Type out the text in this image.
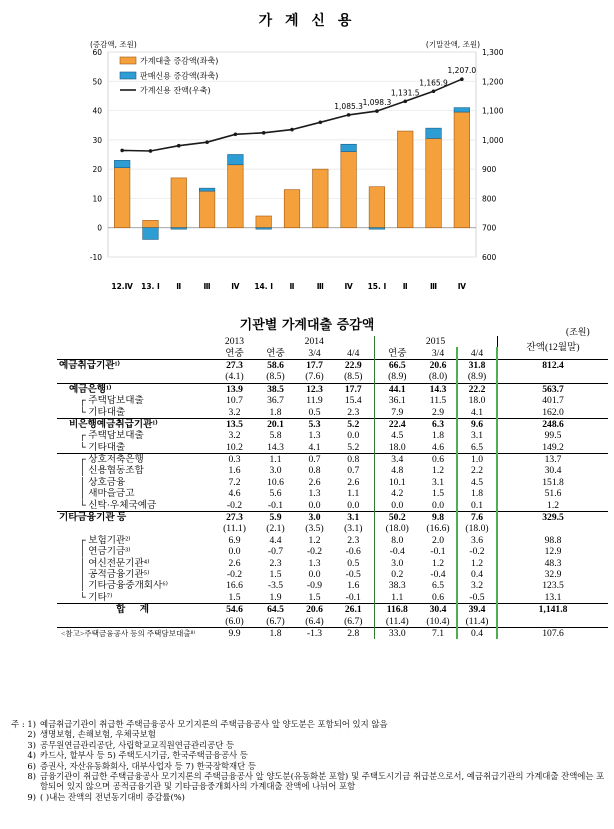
가 계 신 용
1,085.3 1,098.3
1,131.5
1,165.9
1,207.0
60
50
40
30
20
10
0
-10
1,300
1,200
1,100
1,000
900
800
700
600
12.Ⅳ 13. Ⅰ Ⅱ	Ⅲ	Ⅳ 14. Ⅰ Ⅱ	Ⅲ	Ⅳ 15. Ⅰ Ⅱ	Ⅲ	Ⅳ
(증감액, 조원)	(기말잔액, 조원)
가계대출 증감액(좌축)
판매신용 증감액(좌축)
가계신용 잔액(우축)
기관별 가계대출 증감액	(조원)
	2013	2014			2015			잔액(12월말)
	연중	연중	3/4	4/4	연중	3/4	4/4	
예금취급기관¹⁾	27.3	58.6	17.7	22.9	66.5	20.6	31.8	812.4
	(4.1)	(8.5)	(7.6)	(8.5)	(8.9)	(8.0)	(8.9)	
예금은행¹⁾	13.9	38.5	12.3	17.7	44.1	14.3	22.2	563.7
┌ 주택담보대출	10.7	36.7	11.9	15.4	36.1	11.5	18.0	401.7
└ 기타대출	3.2	1.8	0.5	2.3	7.9	2.9	4.1	162.0
비은행예금취급기관¹⁾	13.5	20.1	5.3	5.2	22.4	6.3	9.6	248.6
┌ 주택담보대출	3.2	5.8	1.3	0.0	4.5	1.8	3.1	99.5
└ 기타대출	10.2	14.3	4.1	5.2	18.0	4.6	6.5	149.2
┌ 상호저축은행	0.3	1.1	0.7	0.8	3.4	0.6	1.0	13.7
│ 신용협동조합	1.6	3.0	0.8	0.7	4.8	1.2	2.2	30.4
│ 상호금융	7.2	10.6	2.6	2.6	10.1	3.1	4.5	151.8
│ 새마을금고	4.6	5.6	1.3	1.1	4.2	1.5	1.8	51.6
└ 신탁·우체국예금	-0.2	-0.1	0.0	0.0	0.0	0.0	0.1	1.2
기타금융기관 등	27.3	5.9	3.0	3.1	50.2	9.8	7.6	329.5
	(11.1)	(2.1)	(3.5)	(3.1)	(18.0)	(16.6)	(18.0)	
┌ 보험기관²⁾	6.9	4.4	1.2	2.3	8.0	2.0	3.6	98.8
│ 연금기금³⁾	0.0	-0.7	-0.2	-0.6	-0.4	-0.1	-0.2	12.9
│ 여신전문기관⁴⁾	2.6	2.3	1.3	0.5	3.0	1.2	1.2	48.3
│ 공적금융기관⁵⁾	-0.2	1.5	0.0	-0.5	0.2	-0.4	0.4	32.9
│ 기타금융중개회사⁶⁾	16.6	-3.5	-0.9	1.6	38.3	6.5	3.2	123.5
└ 기타⁷⁾	1.5	1.9	1.5	-0.1	1.1	0.6	-0.5	13.1
합 계	54.6	64.5	20.6	26.1	116.8	30.4	39.4	1,141.8
	(6.0)	(6.7)	(6.4)	(6.7)	(11.4)	(10.4)	(11.4)	
<참고>주택금융공사 등의 주택담보대출⁸⁾	9.9	1.8	-1.3	2.8	33.0	7.1	0.4	107.6
주 : 1) 예금취급기관이 취급한 주택금융공사 모기지론의 주택금융공사 앞 양도분은 포함되어 있지 않음
2) 생명보험, 손해보험, 우체국보험
3) 공무원연금관리공단, 사립학교교직원연금관리공단 등
4) 카드사, 할부사 등 5) 주택도시기금, 한국주택금융공사 등
6) 증권사, 자산유동화회사, 대부사업자 등 7) 한국장학재단 등
8) 금융기관이 취급한 주택금융공사 모기지론의 주택금융공사 앞 양도분(유동화분 포함) 및 주택도시기금 취급분으로서, 예금취급기관의 가계대출 잔액에는 포함되어 있지 않으며 공적금융기관 및 기타금융중개회사의 가계대출 잔액에 나뉘어 포함
9) ( )내는 잔액의 전년동기대비 증감률(%)
